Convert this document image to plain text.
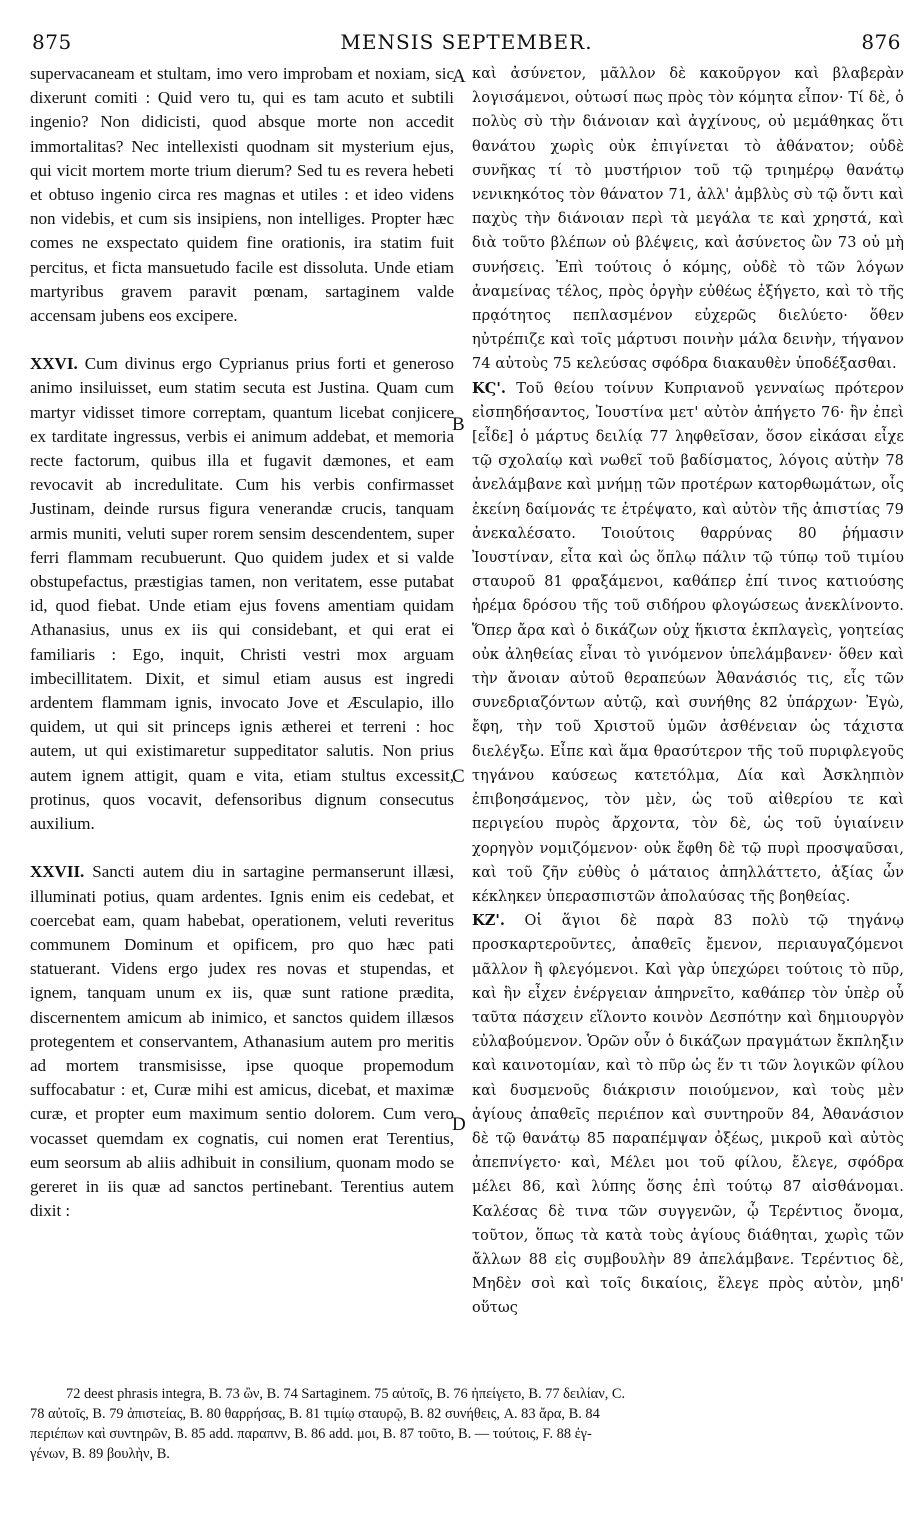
875	MENSIS SEPTEMBER.	876

supervacaneam et stultam, imo vero improbam et noxiam, sic dixerunt comiti : Quid vero tu, qui es tam acuto et subtili ingenio? Non didicisti, quod absque morte non accedit immortalitas? Nec intellexisti quodnam sit mysterium ejus, qui vicit mortem morte trium dierum? Sed tu es revera hebeti et obtuso ingenio circa res magnas et utiles : et ideo videns non videbis, et cum sis insipiens, non intelliges. Propter hæc comes ne exspectato quidem fine orationis, ira statim fuit percitus, et ficta mansuetudo facile est dissoluta. Unde etiam martyribus gravem paravit pœnam, sartaginem valde accensam jubens eos excipere.

XXVI. Cum divinus ergo Cyprianus prius forti et generoso animo insiluisset, eum statim secuta est Justina. Quam cum martyr vidisset timore correptam, quantum licebat conjicere ex tarditate ingressus, verbis ei animum addebat, et memoria recte factorum, quibus illa et fugavit dæmones, et eam revocavit ab incredulitate. Cum his verbis confirmasset Justinam, deinde rursus figura venerandæ crucis, tanquam armis muniti, veluti super rorem sensim descendentem, super ferri flammam recubuerunt. Quo quidem judex et si valde obstupefactus, præstigias tamen, non veritatem, esse putabat id, quod fiebat. Unde etiam ejus fovens amentiam quidam Athanasius, unus ex iis qui considebant, et qui erat ei familiaris : Ego, inquit, Christi vestri mox arguam imbecillitatem. Dixit, et simul etiam ausus est ingredi ardentem flammam ignis, invocato Jove et Æsculapio, illo quidem, ut qui sit princeps ignis ætherei et terreni : hoc autem, ut qui existimaretur suppeditator salutis. Non prius autem ignem attigit, quam e vita, etiam stultus excessit, protinus, quos vocavit, defensoribus dignum consecutus auxilium.

XXVII. Sancti autem diu in sartagine permanserunt illæsi, illuminati potius, quam ardentes. Ignis enim eis cedebat, et coercebat eam, quam habebat, operationem, veluti reveritus communem Dominum et opificem, pro quo hæc pati statuerant. Videns ergo judex res novas et stupendas, et ignem, tanquam unum ex iis, quæ sunt ratione prædita, discernentem amicum ab inimico, et sanctos quidem illæsos protegentem et conservantem, Athanasium autem pro meritis ad mortem transmisisse, ipse quoque propemodum suffocabatur : et, Curæ mihi est amicus, dicebat, et maximæ curæ, et propter eum maximum sentio dolorem. Cum vero vocasset quemdam ex cognatis, cui nomen erat Terentius, eum seorsum ab aliis adhibuit in consilium, quonam modo se gereret in iis quæ ad sanctos pertinebant. Terentius autem dixit :

A
B
C
D

καὶ ἀσύνετον, μᾶλλον δὲ κακοῦργον καὶ βλαβερὰν λογισάμενοι, οὑτωσί πως πρὸς τὸν κόμητα εἶπον· Τί δὲ, ὁ πολὺς σὺ τὴν διάνοιαν καὶ ἀγχίνους, οὐ μεμάθηκας ὅτι θανάτου χωρὶς οὐκ ἐπιγίνεται τὸ ἀθάνατον; οὐδὲ συνῆκας τί τὸ μυστήριον τοῦ τῷ τριημέρῳ θανάτῳ νενικηκότος τὸν θάνατον 71, ἀλλ' ἀμβλὺς σὺ τῷ ὄντι καὶ παχὺς τὴν διάνοιαν περὶ τὰ μεγάλα τε καὶ χρηστά, καὶ διὰ τοῦτο βλέπων οὐ βλέψεις, καὶ ἀσύνετος ὢν 73 οὐ μὴ συνήσεις. Ἐπὶ τούτοις ὁ κόμης, οὐδὲ τὸ τῶν λόγων ἀναμείνας τέλος, πρὸς ὀργὴν εὐθέως ἐξήγετο, καὶ τὸ τῆς πρᾳότητος πεπλασμένον εὐχερῶς διελύετο· ὅθεν ηὐτρέπιζε καὶ τοῖς μάρτυσι ποινὴν μάλα δεινὴν, τήγανον 74 αὐτοὺς 75 κελεύσας σφόδρα διακαυθὲν ὑποδέξασθαι.

ΚϚ'. Τοῦ θείου τοίνυν Κυπριανοῦ γενναίως πρότερον εἰσπηδήσαντος, Ἰουστίνα μετ' αὐτὸν ἀπήγετο 76· ἣν ἐπεὶ [εἶδε] ὁ μάρτυς δειλίᾳ 77 ληφθεῖσαν, ὅσον εἰκάσαι εἶχε τῷ σχολαίῳ καὶ νωθεῖ τοῦ βαδίσματος, λόγοις αὐτὴν 78 ἀνελάμβανε καὶ μνήμῃ τῶν προτέρων κατορθωμάτων, οἷς ἐκείνη δαίμονάς τε ἐτρέψατο, καὶ αὐτὸν τῆς ἀπιστίας 79 ἀνεκαλέσατο. Τοιούτοις θαρρύνας 80 ῥήμασιν Ἰουστίναν, εἶτα καὶ ὡς ὅπλῳ πάλιν τῷ τύπῳ τοῦ τιμίου σταυροῦ 81 φραξάμενοι, καθάπερ ἐπί τινος κατιούσης ἠρέμα δρόσου τῆς τοῦ σιδήρου φλογώσεως ἀνεκλίνοντο. Ὅπερ ἄρα καὶ ὁ δικάζων οὐχ ἥκιστα ἐκπλαγεὶς, γοητείας οὐκ ἀληθείας εἶναι τὸ γινόμενον ὑπελάμβανεν· ὅθεν καὶ τὴν ἄνοιαν αὐτοῦ θεραπεύων Ἀθανάσιός τις, εἷς τῶν συνεδριαζόντων αὐτῷ, καὶ συνήθης 82 ὑπάρχων· Ἐγὼ, ἔφη, τὴν τοῦ Χριστοῦ ὑμῶν ἀσθένειαν ὡς τάχιστα διελέγξω. Εἶπε καὶ ἅμα θρασύτερον τῆς τοῦ πυριφλεγοῦς τηγάνου καύσεως κατετόλμα, Δία καὶ Ἀσκληπιὸν ἐπιβοησάμενος, τὸν μὲν, ὡς τοῦ αἰθερίου τε καὶ περιγείου πυρὸς ἄρχοντα, τὸν δὲ, ὡς τοῦ ὑγιαίνειν χορηγὸν νομιζόμενον· οὐκ ἔφθη δὲ τῷ πυρὶ προσψαῦσαι, καὶ τοῦ ζῆν εὐθὺς ὁ μάταιος ἀπηλλάττετο, ἀξίας ὧν κέκληκεν ὑπερασπιστῶν ἀπολαύσας τῆς βοηθείας.

ΚΖ'. Οἱ ἅγιοι δὲ παρὰ 83 πολὺ τῷ τηγάνῳ προσκαρτεροῦντες, ἀπαθεῖς ἔμενον, περιαυγαζόμενοι μᾶλλον ἢ φλεγόμενοι. Καὶ γὰρ ὑπεχώρει τούτοις τὸ πῦρ, καὶ ἣν εἶχεν ἐνέργειαν ἀπηρνεῖτο, καθάπερ τὸν ὑπὲρ οὗ ταῦτα πάσχειν εἵλοντο κοινὸν Δεσπότην καὶ δημιουργὸν εὐλαβούμενον. Ὁρῶν οὖν ὁ δικάζων πραγμάτων ἔκπληξιν καὶ καινοτομίαν, καὶ τὸ πῦρ ὡς ἕν τι τῶν λογικῶν φίλου καὶ δυσμενοῦς διάκρισιν ποιούμενον, καὶ τοὺς μὲν ἁγίους ἀπαθεῖς περιέπον καὶ συντηροῦν 84, Ἀθανάσιον δὲ τῷ θανάτῳ 85 παραπέμψαν ὀξέως, μικροῦ καὶ αὐτὸς ἀπεπνίγετο· καὶ, Μέλει μοι τοῦ φίλου, ἔλεγε, σφόδρα μέλει 86, καὶ λύπης ὅσης ἐπὶ τούτῳ 87 αἰσθάνομαι. Καλέσας δὲ τινα τῶν συγγενῶν, ᾧ Τερέντιος ὄνομα, τοῦτον, ὅπως τὰ κατὰ τοὺς ἁγίους διάθηται, χωρὶς τῶν ἄλλων 88 εἰς συμβουλὴν 89 ἀπελάμβανε. Τερέντιος δὲ, Μηδὲν σοὶ καὶ τοῖς δικαίοις, ἔλεγε πρὸς αὐτὸν, μηδ' οὕτως

72 deest phrasis integra, B. 73 ὢν, B. 74 Sartaginem. 75 αὐτοῖς, B. 76 ἠπείγετο, B. 77 δειλίαν, C.

78 αὐτοῖς, B. 79 ἀπιστείας, B. 80 θαρρήσας, B. 81 τιμίῳ σταυρῷ, B. 82 συνήθεις, A. 83 ἄρα, B. 84

περιέπων καὶ συντηρῶν, B. 85 add. παραπνν, B. 86 add. μοι, B. 87 τοῦτο, B. — τούτοις, F. 88 ἐγ-

γένων, B. 89 βουλὴν, B.
